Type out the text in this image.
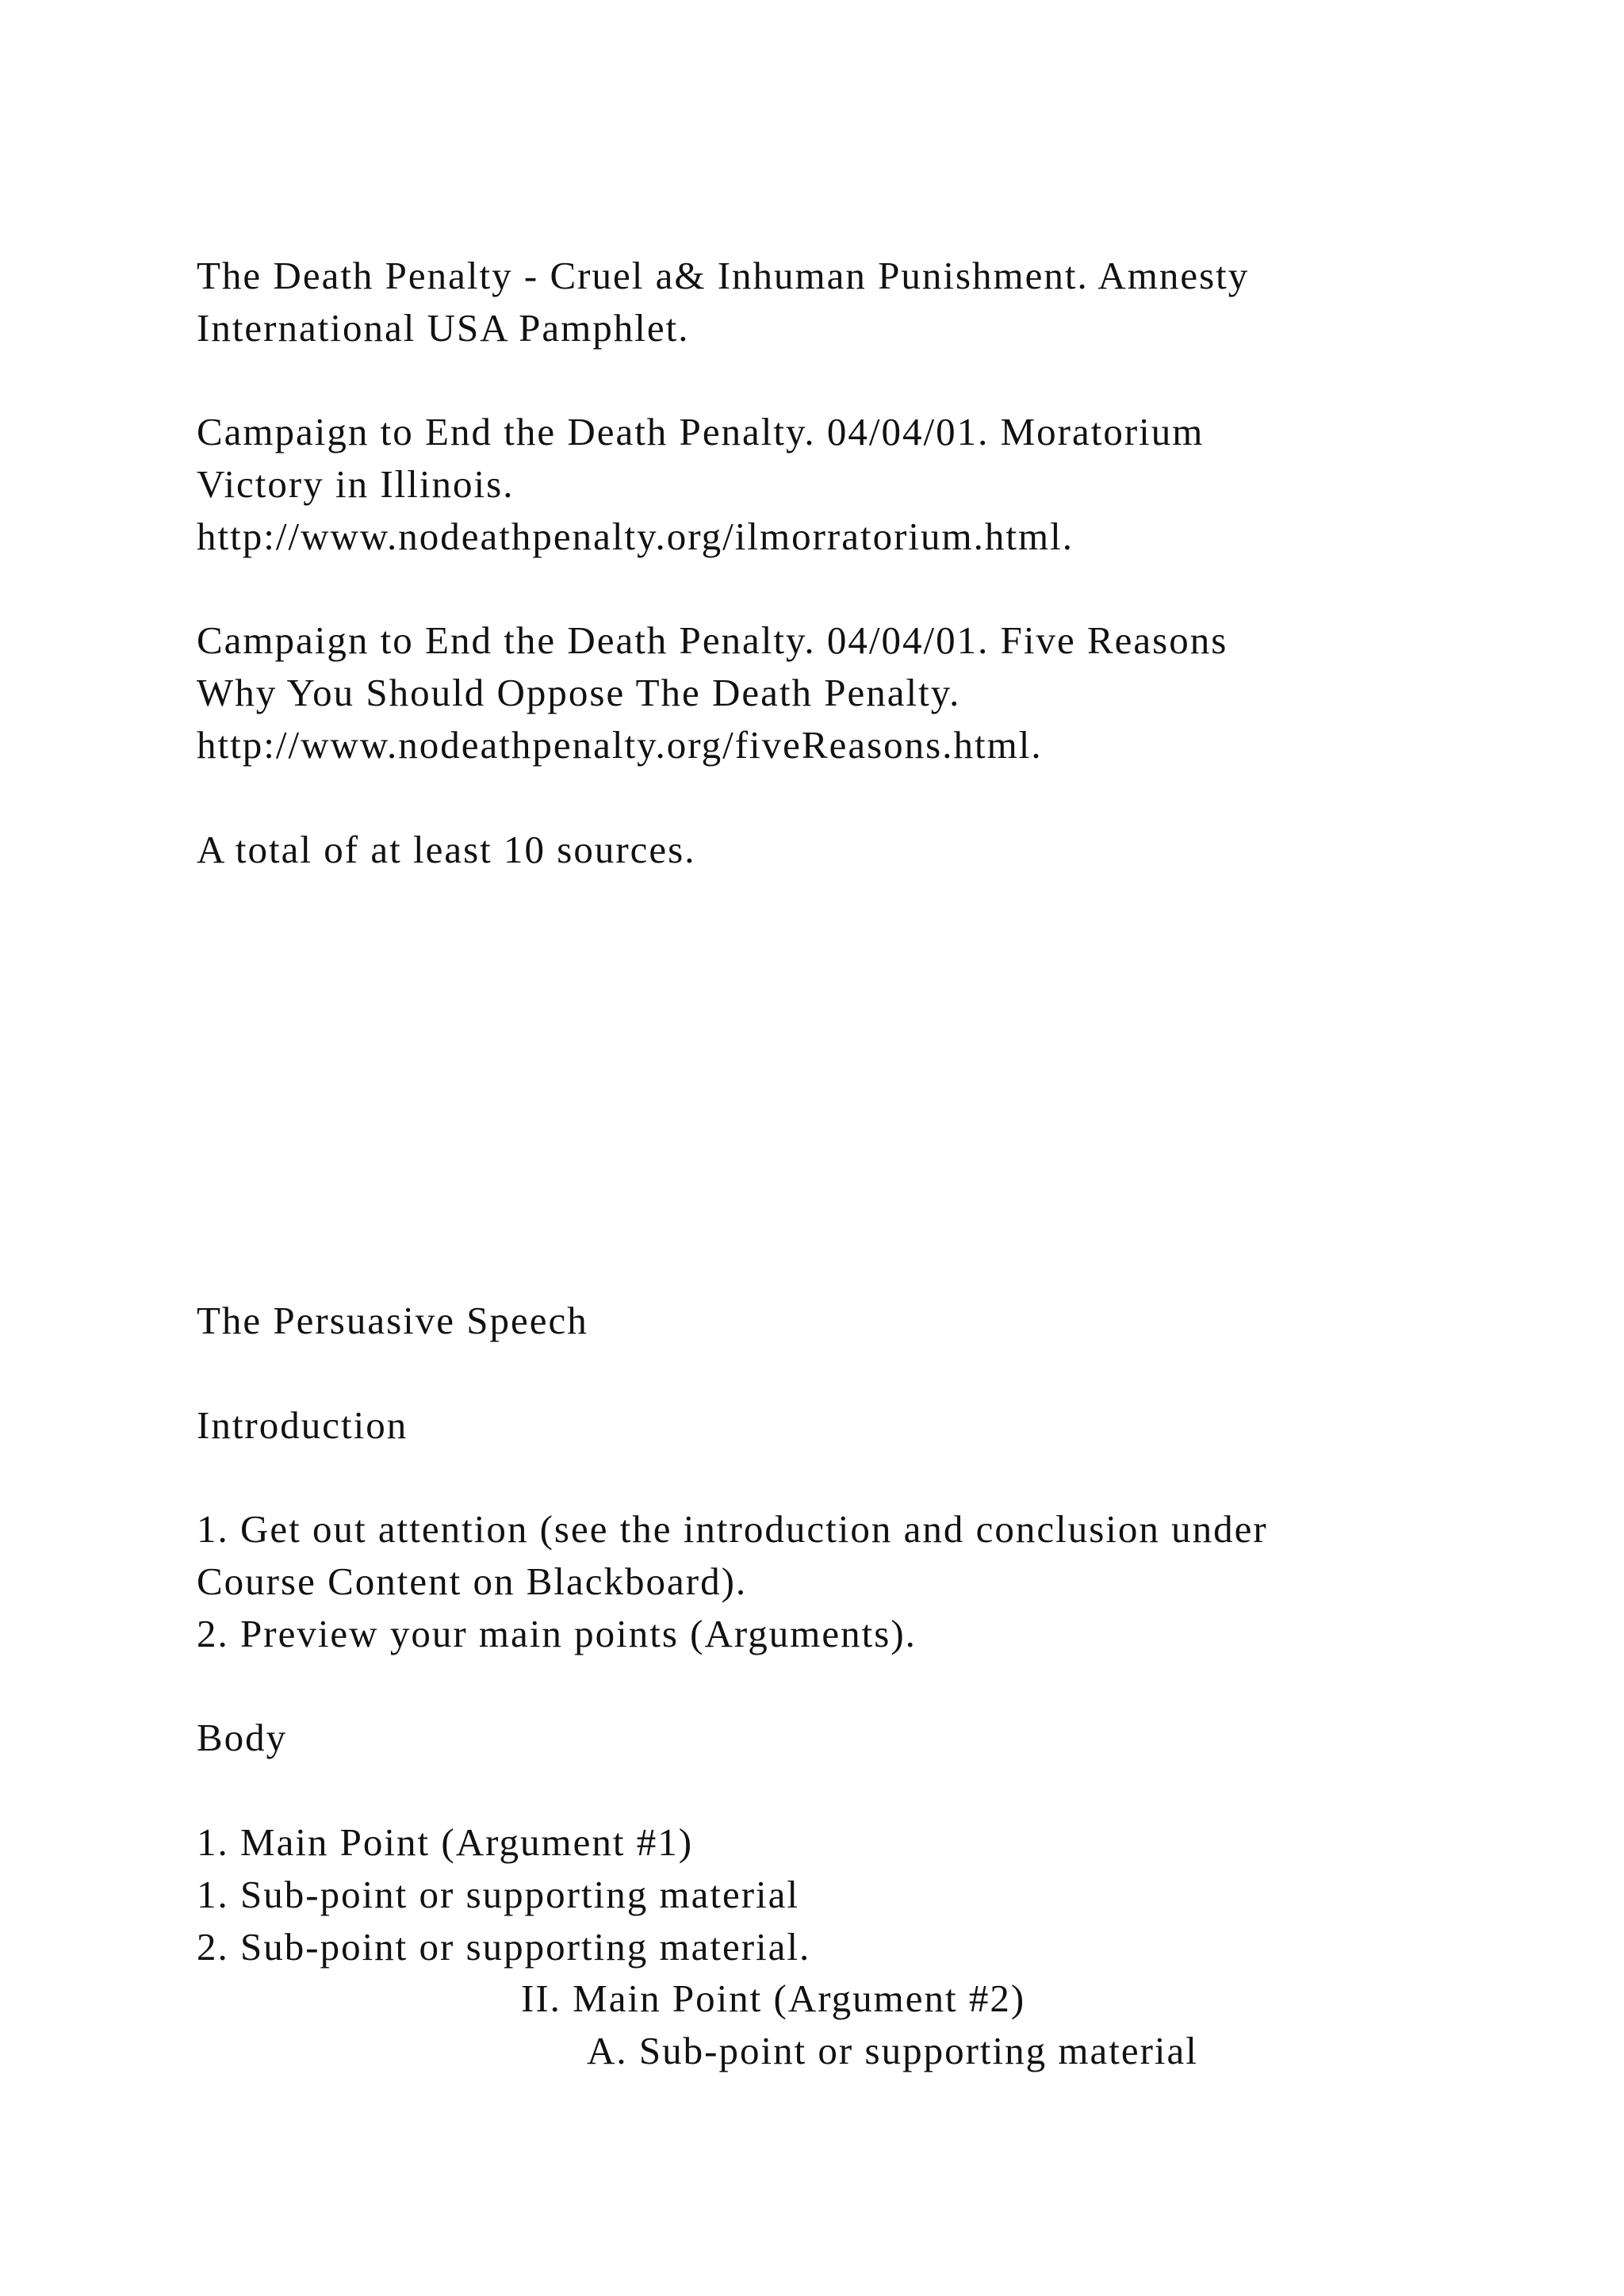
The Death Penalty - Cruel a& Inhuman Punishment. Amnesty
International USA Pamphlet.
Campaign to End the Death Penalty. 04/04/01. Moratorium
Victory in Illinois.
http://www.nodeathpenalty.org/ilmorratorium.html.
Campaign to End the Death Penalty. 04/04/01. Five Reasons
Why You Should Oppose The Death Penalty.
http://www.nodeathpenalty.org/fiveReasons.html.
A total of at least 10 sources.
The Persuasive Speech
Introduction
1. Get out attention (see the introduction and conclusion under
Course Content on Blackboard).
2. Preview your main points (Arguments).
Body
1. Main Point (Argument #1)
1. Sub-point or supporting material
2. Sub-point or supporting material.
II. Main Point (Argument #2)
A. Sub-point or supporting material
